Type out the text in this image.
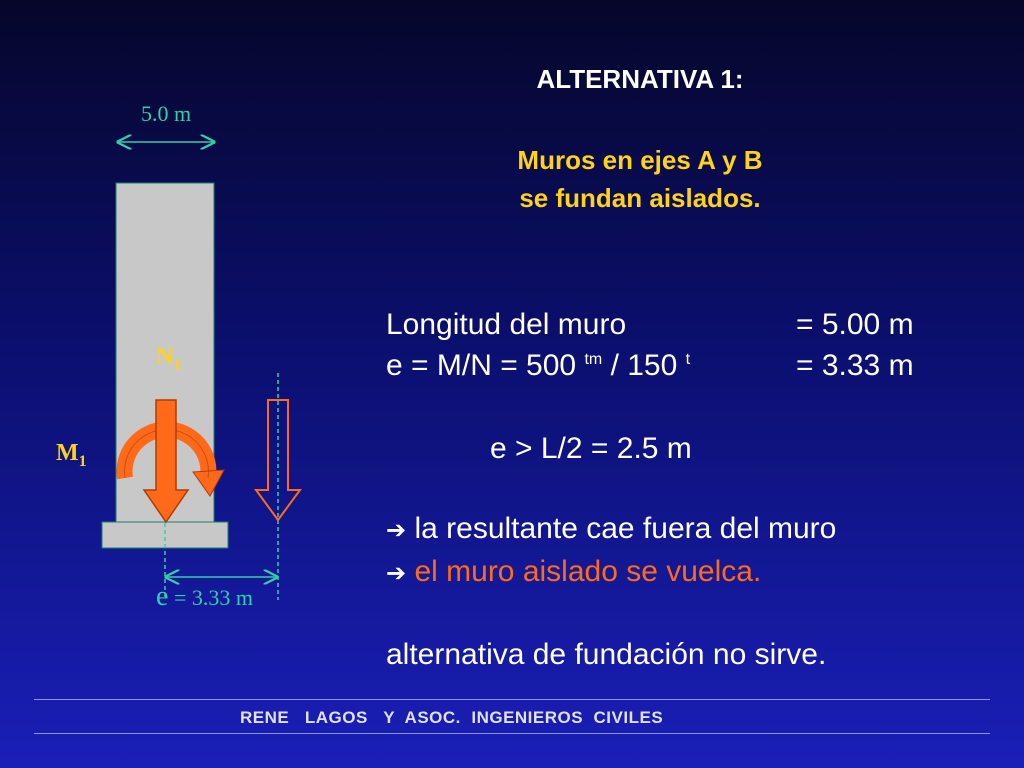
ALTERNATIVA 1:
Muros en ejes A y B
se fundan aislados.
Longitud del muro	= 5.00 m
e = M/N = 500 $^{tm}$ / 150 $^t$	= 3.33 m
e > L/2 = 2.5 m
➔ la resultante cae fuera del muro
➔ el muro aislado se vuelca.
alternativa de fundación no sirve.
5.0 m
$N_1$
$M_1$
e = 3.33 m
RENE   LAGOS   Y  ASOC.  INGENIEROS  CIVILES
